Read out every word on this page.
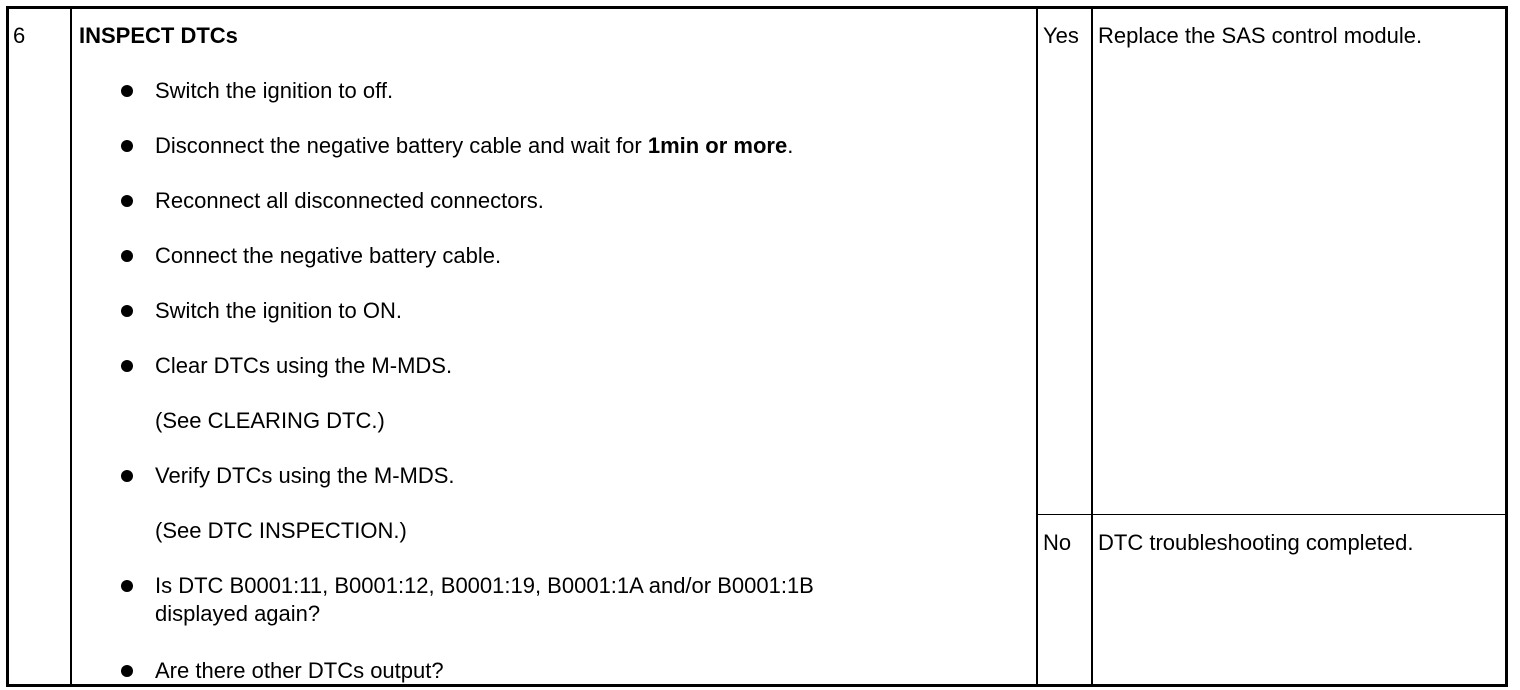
6 INSPECT DTCs
Switch the ignition to off.
Disconnect the negative battery cable and wait for 1min or more.
Reconnect all disconnected connectors.
Connect the negative battery cable.
Switch the ignition to ON.
Clear DTCs using the M-MDS.
(See CLEARING DTC.)
Verify DTCs using the M-MDS.
(See DTC INSPECTION.)
Is DTC B0001:11, B0001:12, B0001:19, B0001:1A and/or B0001:1B
displayed again?
Are there other DTCs output?
Yes Replace the SAS control module.
No DTC troubleshooting completed.
